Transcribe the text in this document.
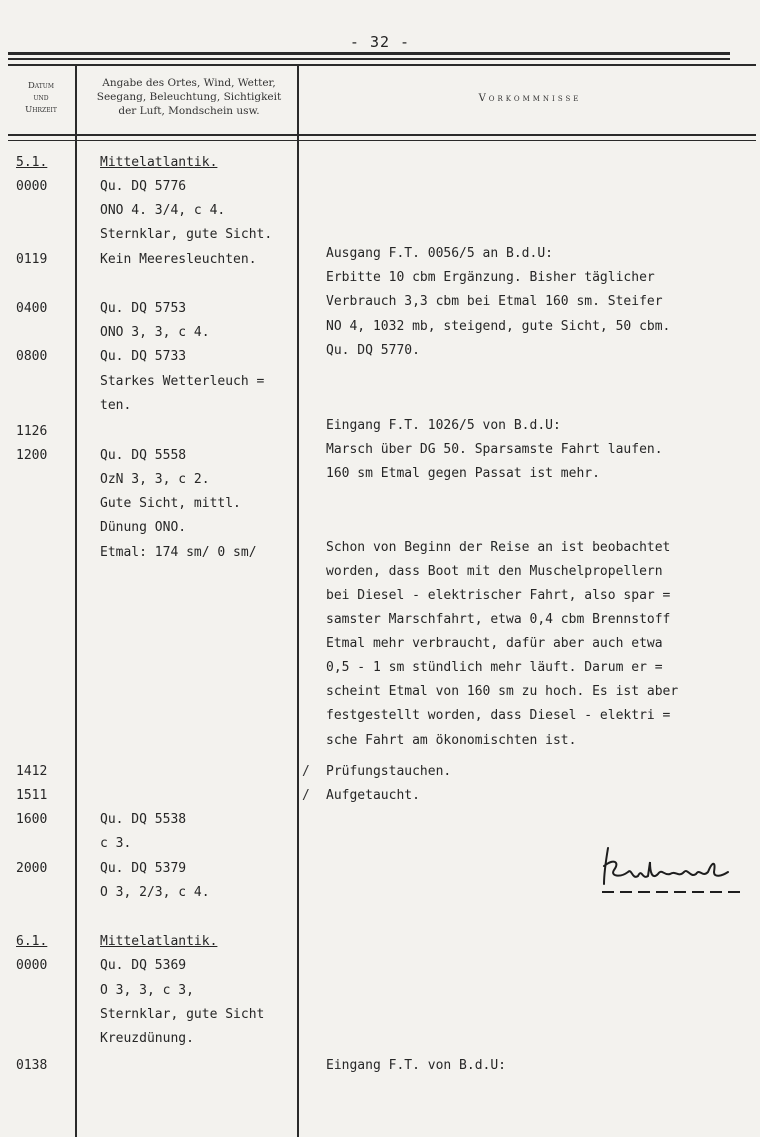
- 32 -
Datum
und
Uhrzeit
Angabe des Ortes, Wind, Wetter,
Seegang, Beleuchtung, Sichtigkeit
der Luft, Mondschein usw.
Vorkommnisse
5.1.
0000
0119
0400
0800
1126
1200
1412
1511
1600
2000
6.1.
0000
0138
Mittelatlantik.
Qu. DQ 5776
ONO 4. 3/4, c 4.
Sternklar, gute Sicht.
Kein Meeresleuchten.
Qu. DQ 5753
ONO 3, 3, c 4.
Qu. DQ 5733
Starkes Wetterleuch =
ten.
Qu. DQ 5558
OzN 3, 3, c 2.
Gute Sicht, mittl.
Dünung ONO.
Etmal: 174 sm/ 0 sm/
Qu. DQ 5538
c 3.
Qu. DQ 5379
O 3, 2/3, c 4.
Mittelatlantik.
Qu. DQ 5369
O 3, 3, c 3,
Sternklar, gute Sicht
Kreuzdünung.
Ausgang F.T. 0056/5 an B.d.U:
Erbitte 10 cbm Ergänzung. Bisher täglicher
Verbrauch 3,3 cbm bei Etmal 160 sm. Steifer
NO 4, 1032 mb, steigend, gute Sicht, 50 cbm.
Qu. DQ 5770.
Eingang F.T. 1026/5 von B.d.U:
Marsch über DG 50. Sparsamste Fahrt laufen.
160 sm Etmal gegen Passat ist mehr.
Schon von Beginn der Reise an ist beobachtet
worden, dass Boot mit den Muschelpropellern
bei Diesel - elektrischer Fahrt, also spar =
samster Marschfahrt, etwa 0,4 cbm Brennstoff
Etmal mehr verbraucht, dafür aber auch etwa
0,5 - 1 sm stündlich mehr läuft. Darum er =
scheint Etmal von 160 sm zu hoch. Es ist aber
festgestellt worden, dass Diesel - elektri =
sche Fahrt am ökonomischten ist.
/ Prüfungstauchen.
/ Aufgetaucht.
Eingang F.T. von B.d.U:
